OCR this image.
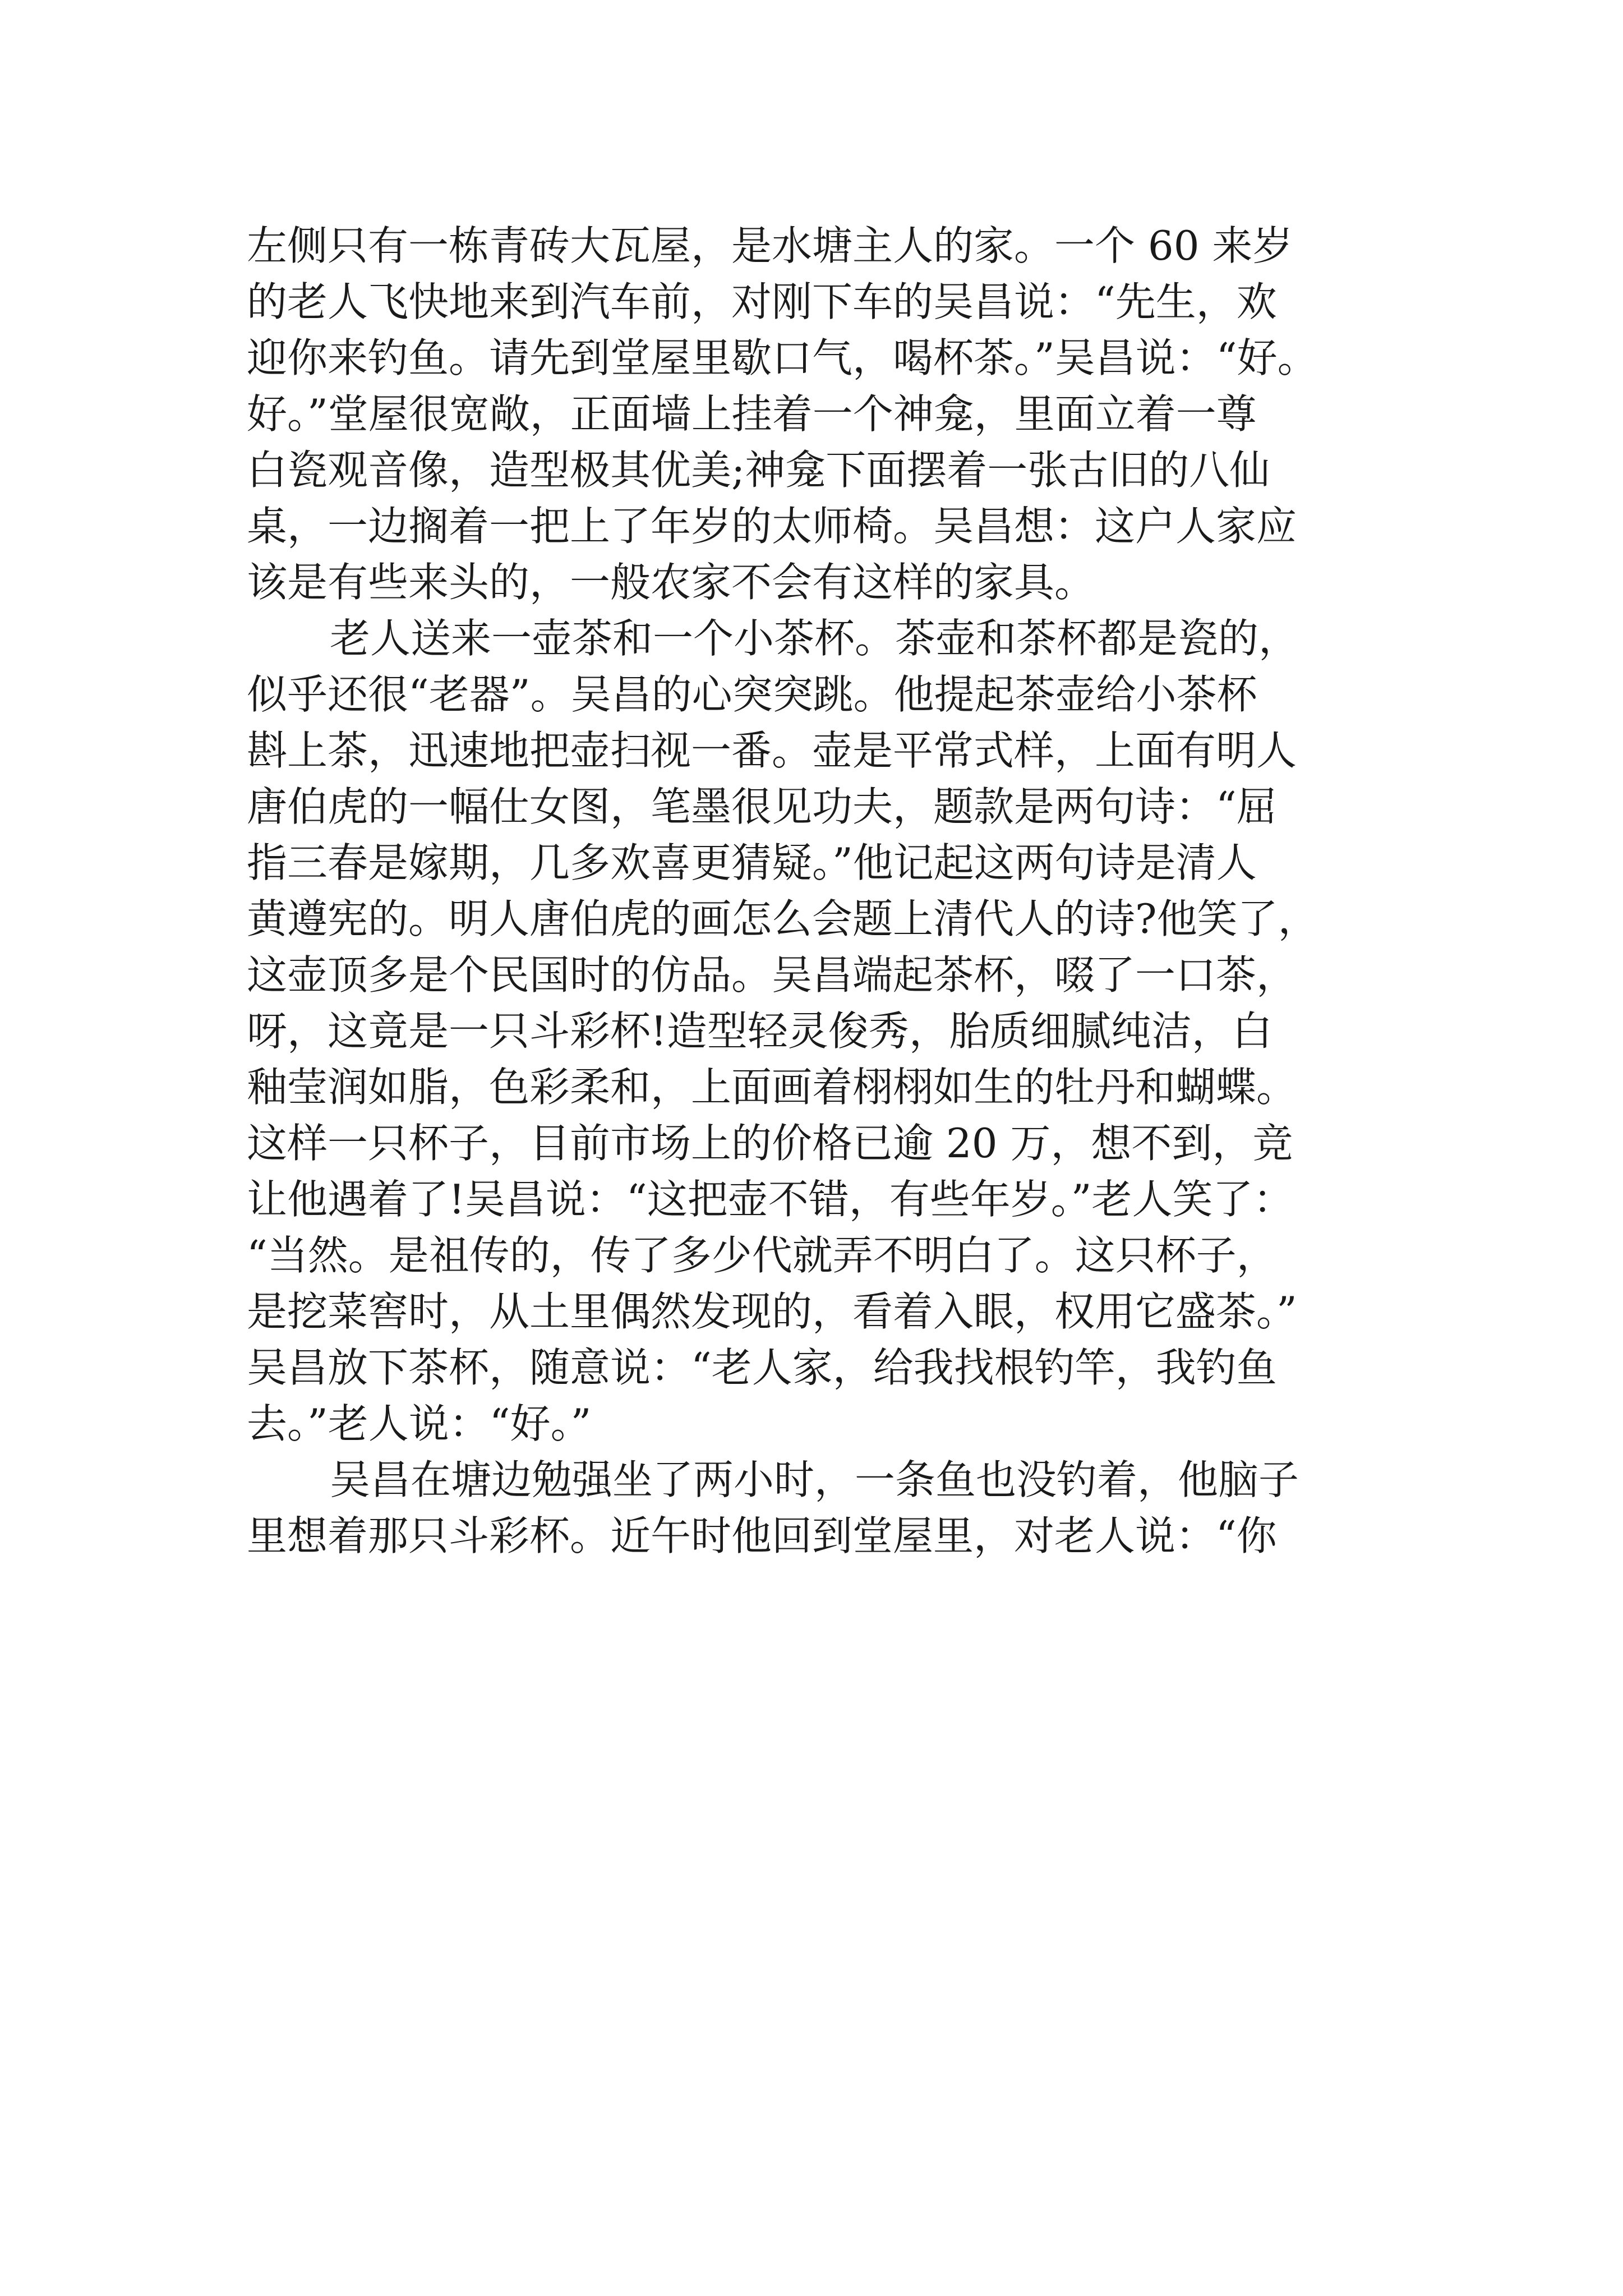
左侧只有一栋青砖大瓦屋，是水塘主人的家。一个 60 来岁
的老人飞快地来到汽车前，对刚下车的吴昌说：“先生，欢
迎你来钓鱼。请先到堂屋里歇口气，喝杯茶。”吴昌说：“好。
好。”堂屋很宽敞，正面墙上挂着一个神龛，里面立着一尊
白瓷观音像，造型极其优美;神龛下面摆着一张古旧的八仙
桌，一边搁着一把上了年岁的太师椅。吴昌想：这户人家应
该是有些来头的，一般农家不会有这样的家具。
老人送来一壶茶和一个小茶杯。茶壶和茶杯都是瓷的，
似乎还很“老器”。吴昌的心突突跳。他提起茶壶给小茶杯
斟上茶，迅速地把壶扫视一番。壶是平常式样，上面有明人
唐伯虎的一幅仕女图，笔墨很见功夫，题款是两句诗：“屈
指三春是嫁期，几多欢喜更猜疑。”他记起这两句诗是清人
黄遵宪的。明人唐伯虎的画怎么会题上清代人的诗?他笑了，
这壶顶多是个民国时的仿品。吴昌端起茶杯，啜了一口茶，
呀，这竟是一只斗彩杯!造型轻灵俊秀，胎质细腻纯洁，白
釉莹润如脂，色彩柔和，上面画着栩栩如生的牡丹和蝴蝶。
这样一只杯子，目前市场上的价格已逾 20 万，想不到，竞
让他遇着了!吴昌说：“这把壶不错，有些年岁。”老人笑了：
“当然。是祖传的，传了多少代就弄不明白了。这只杯子，
是挖菜窖时，从土里偶然发现的，看着入眼，权用它盛茶。”
吴昌放下茶杯，随意说：“老人家，给我找根钓竿，我钓鱼
去。”老人说：“好。”
吴昌在塘边勉强坐了两小时，一条鱼也没钓着，他脑子
里想着那只斗彩杯。近午时他回到堂屋里，对老人说：“你
